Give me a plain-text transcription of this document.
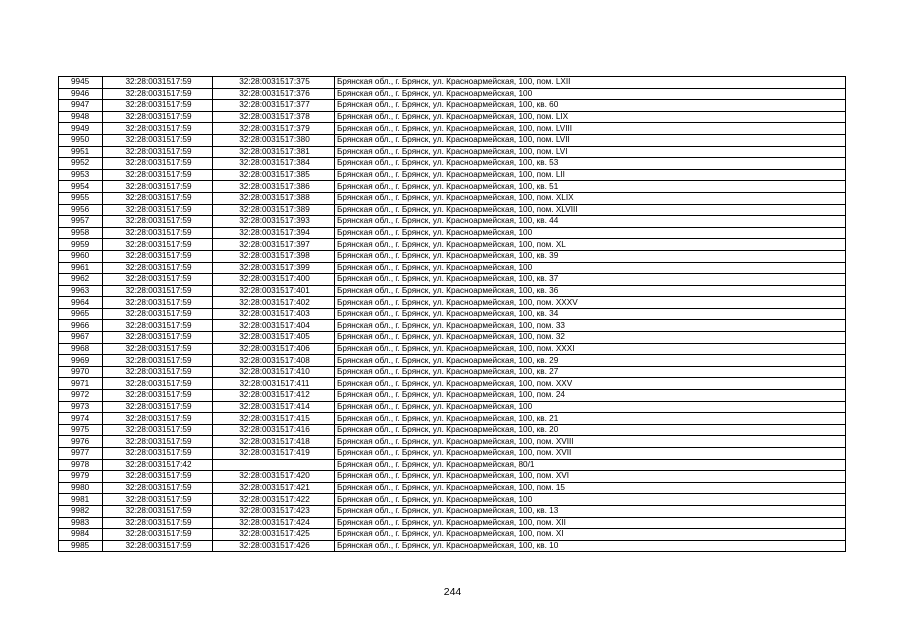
9945	32:28:0031517:59	32:28:0031517:375	Брянская обл., г. Брянск, ул. Красноармейская, 100, пом. LXII
9946	32:28:0031517:59	32:28:0031517:376	Брянская обл., г. Брянск, ул. Красноармейская, 100
9947	32:28:0031517:59	32:28:0031517:377	Брянская обл., г. Брянск, ул. Красноармейская, 100, кв. 60
9948	32:28:0031517:59	32:28:0031517:378	Брянская обл., г. Брянск, ул. Красноармейская, 100, пом. LIX
9949	32:28:0031517:59	32:28:0031517:379	Брянская обл., г. Брянск, ул. Красноармейская, 100, пом. LVIII
9950	32:28:0031517:59	32:28:0031517:380	Брянская обл., г. Брянск, ул. Красноармейская, 100, пом. LVII
9951	32:28:0031517:59	32:28:0031517:381	Брянская обл., г. Брянск, ул. Красноармейская, 100, пом. LVI
9952	32:28:0031517:59	32:28:0031517:384	Брянская обл., г. Брянск, ул. Красноармейская, 100, кв. 53
9953	32:28:0031517:59	32:28:0031517:385	Брянская обл., г. Брянск, ул. Красноармейская, 100, пом. LII
9954	32:28:0031517:59	32:28:0031517:386	Брянская обл., г. Брянск, ул. Красноармейская, 100, кв. 51
9955	32:28:0031517:59	32:28:0031517:388	Брянская обл., г. Брянск, ул. Красноармейская, 100, пом. XLIX
9956	32:28:0031517:59	32:28:0031517:389	Брянская обл., г. Брянск, ул. Красноармейская, 100, пом. XLVIII
9957	32:28:0031517:59	32:28:0031517:393	Брянская обл., г. Брянск, ул. Красноармейская, 100, кв. 44
9958	32:28:0031517:59	32:28:0031517:394	Брянская обл., г. Брянск, ул. Красноармейская, 100
9959	32:28:0031517:59	32:28:0031517:397	Брянская обл., г. Брянск, ул. Красноармейская, 100, пом. XL
9960	32:28:0031517:59	32:28:0031517:398	Брянская обл., г. Брянск, ул. Красноармейская, 100, кв. 39
9961	32:28:0031517:59	32:28:0031517:399	Брянская обл., г. Брянск, ул. Красноармейская, 100
9962	32:28:0031517:59	32:28:0031517:400	Брянская обл., г. Брянск, ул. Красноармейская, 100, кв. 37
9963	32:28:0031517:59	32:28:0031517:401	Брянская обл., г. Брянск, ул. Красноармейская, 100, кв. 36
9964	32:28:0031517:59	32:28:0031517:402	Брянская обл., г. Брянск, ул. Красноармейская, 100, пом. XXXV
9965	32:28:0031517:59	32:28:0031517:403	Брянская обл., г. Брянск, ул. Красноармейская, 100, кв. 34
9966	32:28:0031517:59	32:28:0031517:404	Брянская обл., г. Брянск, ул. Красноармейская, 100, пом. 33
9967	32:28:0031517:59	32:28:0031517:405	Брянская обл., г. Брянск, ул. Красноармейская, 100, пом. 32
9968	32:28:0031517:59	32:28:0031517:406	Брянская обл., г. Брянск, ул. Красноармейская, 100, пом. XXXI
9969	32:28:0031517:59	32:28:0031517:408	Брянская обл., г. Брянск, ул. Красноармейская, 100, кв. 29
9970	32:28:0031517:59	32:28:0031517:410	Брянская обл., г. Брянск, ул. Красноармейская, 100, кв. 27
9971	32:28:0031517:59	32:28:0031517:411	Брянская обл., г. Брянск, ул. Красноармейская, 100, пом. XXV
9972	32:28:0031517:59	32:28:0031517:412	Брянская обл., г. Брянск, ул. Красноармейская, 100, пом. 24
9973	32:28:0031517:59	32:28:0031517:414	Брянская обл., г. Брянск, ул. Красноармейская, 100
9974	32:28:0031517:59	32:28:0031517:415	Брянская обл., г. Брянск, ул. Красноармейская, 100, кв. 21
9975	32:28:0031517:59	32:28:0031517:416	Брянская обл., г. Брянск, ул. Красноармейская, 100, кв. 20
9976	32:28:0031517:59	32:28:0031517:418	Брянская обл., г. Брянск, ул. Красноармейская, 100, пом. XVIII
9977	32:28:0031517:59	32:28:0031517:419	Брянская обл., г. Брянск, ул. Красноармейская, 100, пом. XVII
9978	32:28:0031517:42		Брянская обл., г. Брянск, ул. Красноармейская, 80/1
9979	32:28:0031517:59	32:28:0031517:420	Брянская обл., г. Брянск, ул. Красноармейская, 100, пом. XVI
9980	32:28:0031517:59	32:28:0031517:421	Брянская обл., г. Брянск, ул. Красноармейская, 100, пом. 15
9981	32:28:0031517:59	32:28:0031517:422	Брянская обл., г. Брянск, ул. Красноармейская, 100
9982	32:28:0031517:59	32:28:0031517:423	Брянская обл., г. Брянск, ул. Красноармейская, 100, кв. 13
9983	32:28:0031517:59	32:28:0031517:424	Брянская обл., г. Брянск, ул. Красноармейская, 100, пом. XII
9984	32:28:0031517:59	32:28:0031517:425	Брянская обл., г. Брянск, ул. Красноармейская, 100, пом. XI
9985	32:28:0031517:59	32:28:0031517:426	Брянская обл., г. Брянск, ул. Красноармейская, 100, кв. 10
244
